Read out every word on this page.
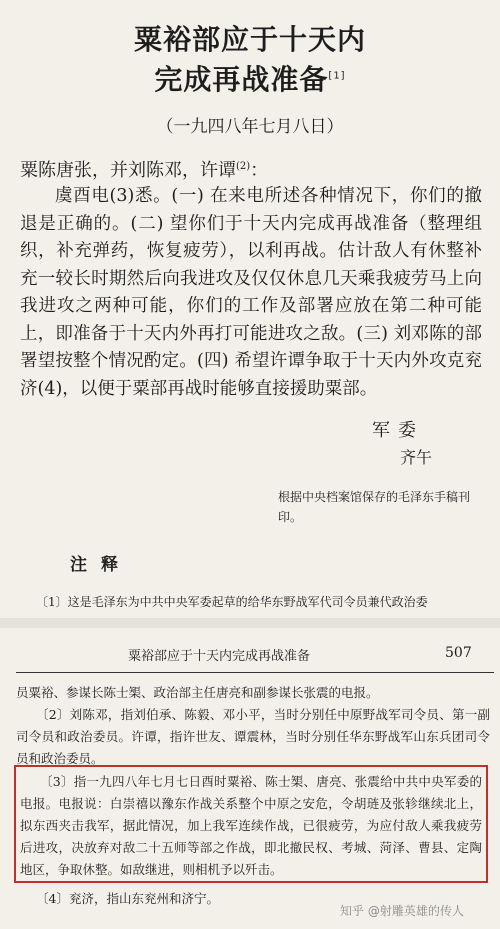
粟裕部应于十天内
完成再战准备[1]
（一九四八年七月八日）
粟陈唐张，并刘陈邓，许谭$^{(2)}$：

虞酉电(3)悉。(一) 在来电所述各种情况下，你们的撤退是正确的。(二) 望你们于十天内完成再战准备（整理组织，补充弹药，恢复疲劳），以利再战。估计敌人有休整补充一较长时期然后向我进攻及仅仅休息几天乘我疲劳马上向我进攻之两种可能，你们的工作及部署应放在第二种可能上，即准备于十天内外再打可能进攻之敌。(三) 刘邓陈的部署望按整个情况酌定。(四) 希望许谭争取于十天内外攻克兖济(4)，以便于粟部再战时能够直接援助粟部。

军委
齐午
根据中央档案馆保存的毛泽东手稿刊印。
注释
〔1〕这是毛泽东为中共中央军委起草的给华东野战军代司令员兼代政治委
粟裕部应于十天内完成再战准备	507

员粟裕、参谋长陈士榘、政治部主任唐亮和副参谋长张震的电报。

〔2〕刘陈邓，指刘伯承、陈毅、邓小平，当时分别任中原野战军司令员、第一副司令员和政治委员。许谭，指许世友、谭震林，当时分别任华东野战军山东兵团司令员和政治委员。

〔3〕指一九四八年七月七日酉时粟裕、陈士榘、唐亮、张震给中共中央军委的电报。电报说：白崇禧以豫东作战关系整个中原之安危，令胡琏及张轸继续北上，拟东西夹击我军，据此情况，加上我军连续作战，已很疲劳，为应付敌人乘我疲劳后进攻，决放弃对敌二十五师等部之作战，即北撤民权、考城、菏泽、曹县、定陶地区，争取休整。如敌继进，则相机予以歼击。

〔4〕兖济，指山东兖州和济宁。
知乎 @射雕英雄的传人
